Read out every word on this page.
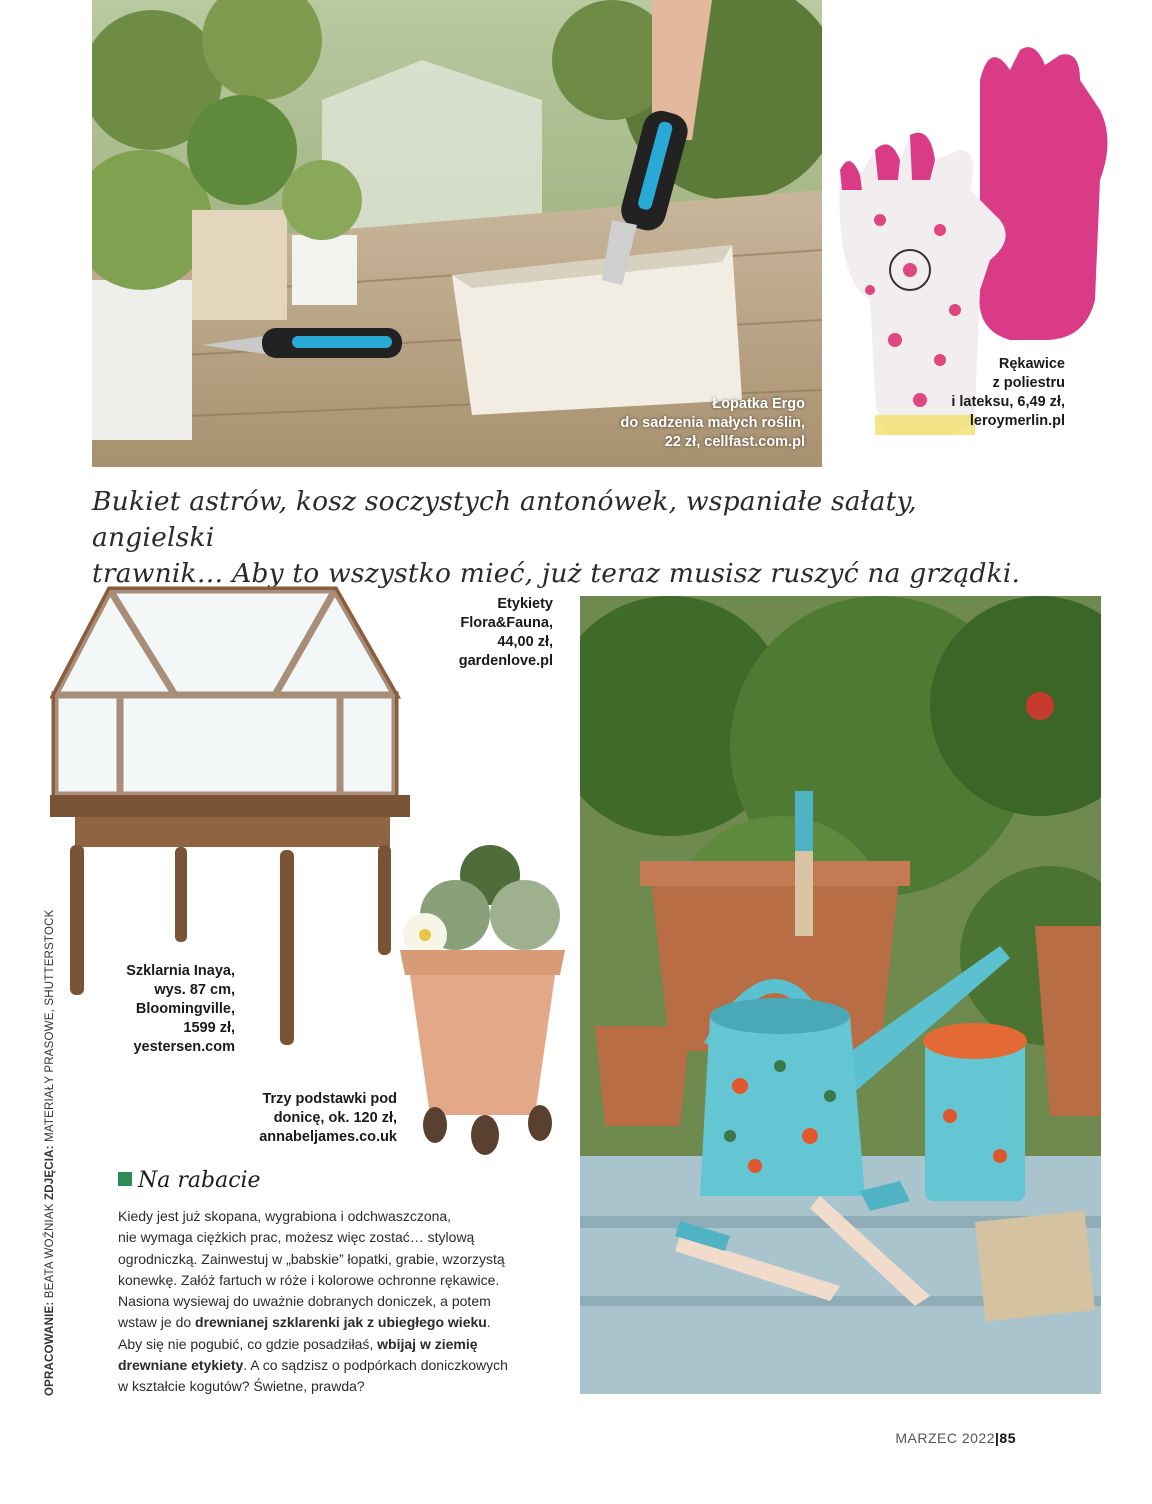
Łopatka Ergo
do sadzenia małych roślin,
22 zł, cellfast.com.pl
Rękawice
z poliestru
i lateksu, 6,49 zł,
leroymerlin.pl
Bukiet astrów, kosz soczystych antonówek, wspaniałe sałaty, angielski
trawnik… Aby to wszystko mieć, już teraz musisz ruszyć na grządki.
Szklarnia Inaya,
wys. 87 cm,
Bloomingville,
1599 zł,
yestersen.com
Etykiety
Flora&Fauna,
44,00 zł,
gardenlove.pl
Trzy podstawki pod
donicę, ok. 120 zł,
annabeljames.co.uk
Na rabacie

Kiedy jest już skopana, wygrabiona i odchwaszczona,

nie wymaga ciężkich prac, możesz więc zostać… stylową

ogrodniczką. Zainwestuj w „babskie” łopatki, grabie, wzorzystą

konewkę. Załóż fartuch w róże i kolorowe ochronne rękawice.

Nasiona wysiewaj do uważnie dobranych doniczek, a potem

wstaw je do drewnianej szklarenki jak z ubiegłego wieku.

Aby się nie pogubić, co gdzie posadziłaś, wbijaj w ziemię

drewniane etykiety. A co sądzisz o podpórkach doniczkowych

w kształcie kogutów? Świetne, prawda?

OPRACOWANIE: BEATA WOŹNIAK ZDJĘCIA: MATERIAŁY PRASOWE, SHUTTERSTOCK
MARZEC 2022|85
